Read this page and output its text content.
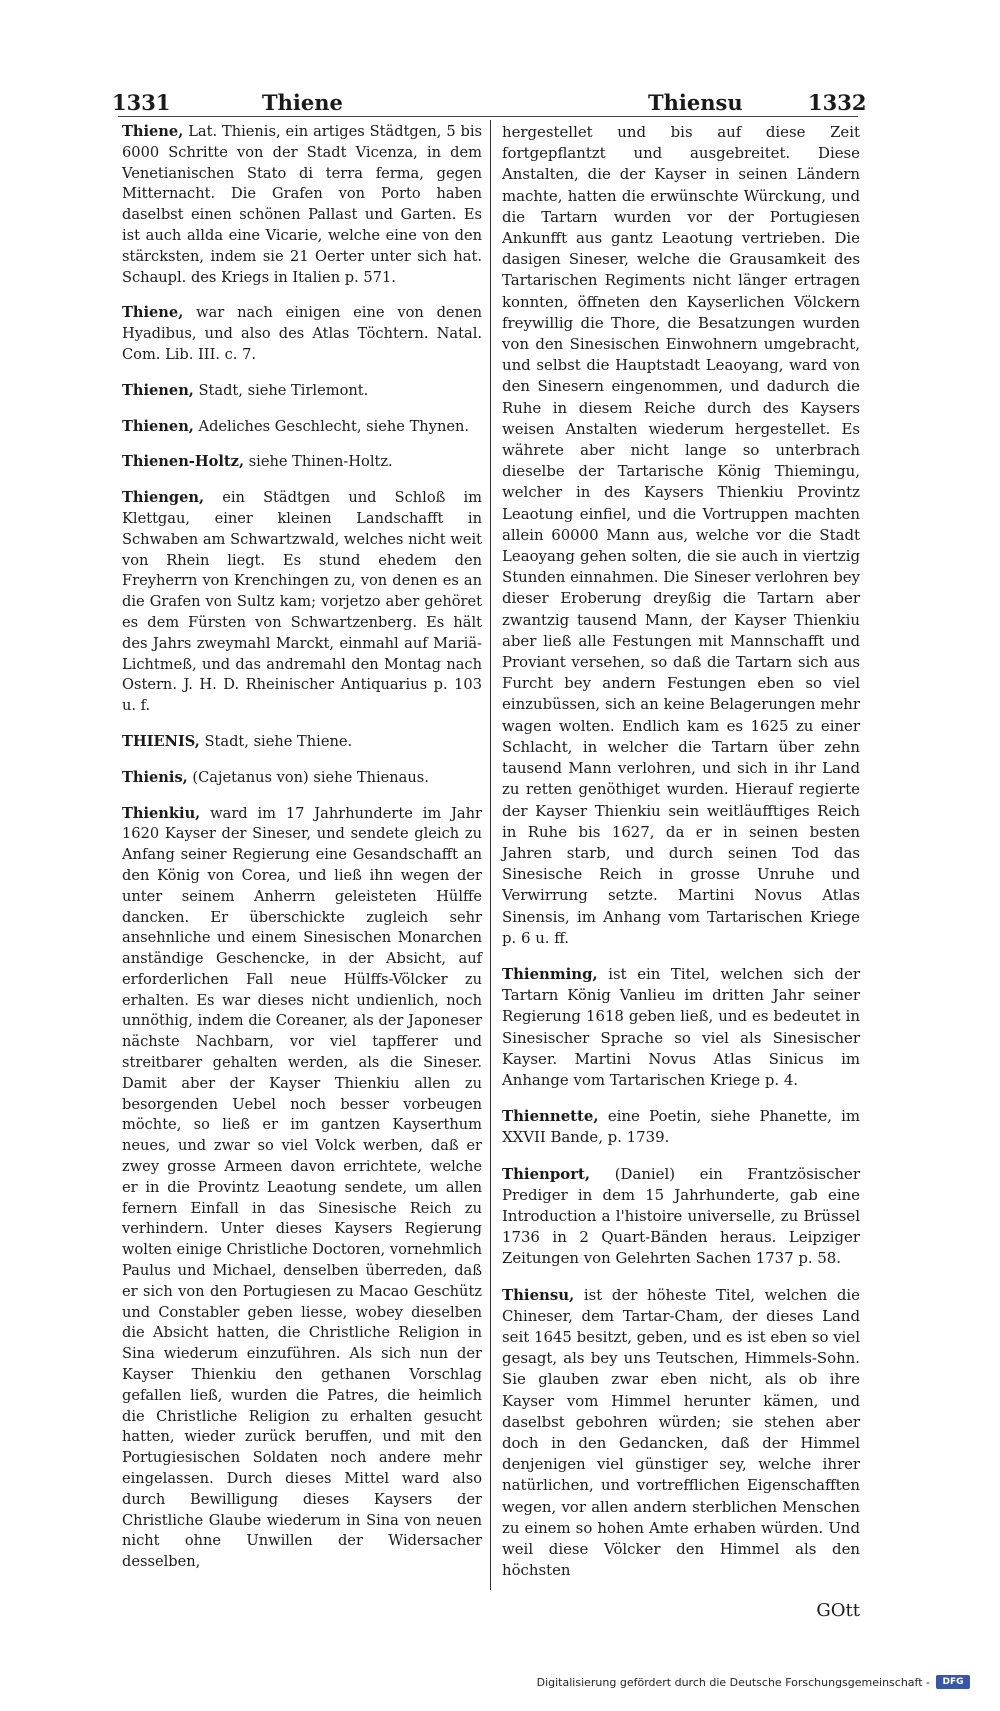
1331	Thiene	Thiensu	1332

Thiene, Lat. Thienis, ein artiges Städtgen, 5 bis 6000 Schritte von der Stadt Vicenza, in dem Venetianischen Stato di terra ferma, gegen Mitternacht. Die Grafen von Porto haben daselbst einen schönen Pallast und Garten. Es ist auch allda eine Vicarie, welche eine von den stärcksten, indem sie 21 Oerter unter sich hat. Schaupl. des Kriegs in Italien p. 571.

Thiene, war nach einigen eine von denen Hyadibus, und also des Atlas Töchtern. Natal. Com. Lib. III. c. 7.

Thienen, Stadt, siehe Tirlemont.

Thienen, Adeliches Geschlecht, siehe Thynen.

Thienen-Holtz, siehe Thinen-Holtz.

Thiengen, ein Städtgen und Schloß im Klettgau, einer kleinen Landschafft in Schwaben am Schwartzwald, welches nicht weit von Rhein liegt. Es stund ehedem den Freyherrn von Krenchingen zu, von denen es an die Grafen von Sultz kam; vorjetzo aber gehöret es dem Fürsten von Schwartzenberg. Es hält des Jahrs zweymahl Marckt, einmahl auf Mariä-Lichtmeß, und das andremahl den Montag nach Ostern. J. H. D. Rheinischer Antiquarius p. 103 u. f.

THIENIS, Stadt, siehe Thiene.

Thienis, (Cajetanus von) siehe Thienaus.

Thienkiu, ward im 17 Jahrhunderte im Jahr 1620 Kayser der Sineser, und sendete gleich zu Anfang seiner Regierung eine Gesandschafft an den König von Corea, und ließ ihn wegen der unter seinem Anherrn geleisteten Hülffe dancken. Er überschickte zugleich sehr ansehnliche und einem Sinesischen Monarchen anständige Geschencke, in der Absicht, auf erforderlichen Fall neue Hülffs-Völcker zu erhalten. Es war dieses nicht undienlich, noch unnöthig, indem die Coreaner, als der Japoneser nächste Nachbarn, vor viel tapfferer und streitbarer gehalten werden, als die Sineser. Damit aber der Kayser Thienkiu allen zu besorgenden Uebel noch besser vorbeugen möchte, so ließ er im gantzen Kayserthum neues, und zwar so viel Volck werben, daß er zwey grosse Armeen davon errichtete, welche er in die Provintz Leaotung sendete, um allen fernern Einfall in das Sinesische Reich zu verhindern. Unter dieses Kaysers Regierung wolten einige Christliche Doctoren, vornehmlich Paulus und Michael, denselben überreden, daß er sich von den Portugiesen zu Macao Geschütz und Constabler geben liesse, wobey dieselben die Absicht hatten, die Christliche Religion in Sina wiederum einzuführen. Als sich nun der Kayser Thienkiu den gethanen Vorschlag gefallen ließ, wurden die Patres, die heimlich die Christliche Religion zu erhalten gesucht hatten, wieder zurück beruffen, und mit den Portugiesischen Soldaten noch andere mehr eingelassen. Durch dieses Mittel ward also durch Bewilligung dieses Kaysers der Christliche Glaube wiederum in Sina von neuen nicht ohne Unwillen der Widersacher desselben,

hergestellet und bis auf diese Zeit fortgepflantzt und ausgebreitet. Diese Anstalten, die der Kayser in seinen Ländern machte, hatten die erwünschte Würckung, und die Tartarn wurden vor der Portugiesen Ankunfft aus gantz Leaotung vertrieben. Die dasigen Sineser, welche die Grausamkeit des Tartarischen Regiments nicht länger ertragen konnten, öffneten den Kayserlichen Völckern freywillig die Thore, die Besatzungen wurden von den Sinesischen Einwohnern umgebracht, und selbst die Hauptstadt Leaoyang, ward von den Sinesern eingenommen, und dadurch die Ruhe in diesem Reiche durch des Kaysers weisen Anstalten wiederum hergestellet. Es währete aber nicht lange so unterbrach dieselbe der Tartarische König Thiemingu, welcher in des Kaysers Thienkiu Provintz Leaotung einfiel, und die Vortruppen machten allein 60000 Mann aus, welche vor die Stadt Leaoyang gehen solten, die sie auch in viertzig Stunden einnahmen. Die Sineser verlohren bey dieser Eroberung dreyßig die Tartarn aber zwantzig tausend Mann, der Kayser Thienkiu aber ließ alle Festungen mit Mannschafft und Proviant versehen, so daß die Tartarn sich aus Furcht bey andern Festungen eben so viel einzubüssen, sich an keine Belagerungen mehr wagen wolten. Endlich kam es 1625 zu einer Schlacht, in welcher die Tartarn über zehn tausend Mann verlohren, und sich in ihr Land zu retten genöthiget wurden. Hierauf regierte der Kayser Thienkiu sein weitläufftiges Reich in Ruhe bis 1627, da er in seinen besten Jahren starb, und durch seinen Tod das Sinesische Reich in grosse Unruhe und Verwirrung setzte. Martini Novus Atlas Sinensis, im Anhang vom Tartarischen Kriege p. 6 u. ff.

Thienming, ist ein Titel, welchen sich der Tartarn König Vanlieu im dritten Jahr seiner Regierung 1618 geben ließ, und es bedeutet in Sinesischer Sprache so viel als Sinesischer Kayser. Martini Novus Atlas Sinicus im Anhange vom Tartarischen Kriege p. 4.

Thiennette, eine Poetin, siehe Phanette, im XXVII Bande, p. 1739.

Thienport, (Daniel) ein Frantzösischer Prediger in dem 15 Jahrhunderte, gab eine Introduction a l'histoire universelle, zu Brüssel 1736 in 2 Quart-Bänden heraus. Leipziger Zeitungen von Gelehrten Sachen 1737 p. 58.

Thiensu, ist der höheste Titel, welchen die Chineser, dem Tartar-Cham, der dieses Land seit 1645 besitzt, geben, und es ist eben so viel gesagt, als bey uns Teutschen, Himmels-Sohn. Sie glauben zwar eben nicht, als ob ihre Kayser vom Himmel herunter kämen, und daselbst gebohren würden; sie stehen aber doch in den Gedancken, daß der Himmel denjenigen viel günstiger sey, welche ihrer natürlichen, und vortrefflichen Eigenschafften wegen, vor allen andern sterblichen Menschen zu einem so hohen Amte erhaben würden. Und weil diese Völcker den Himmel als den höchsten

GOtt
Digitalisierung gefördert durch die Deutsche Forschungsgemeinschaft -	DFG
